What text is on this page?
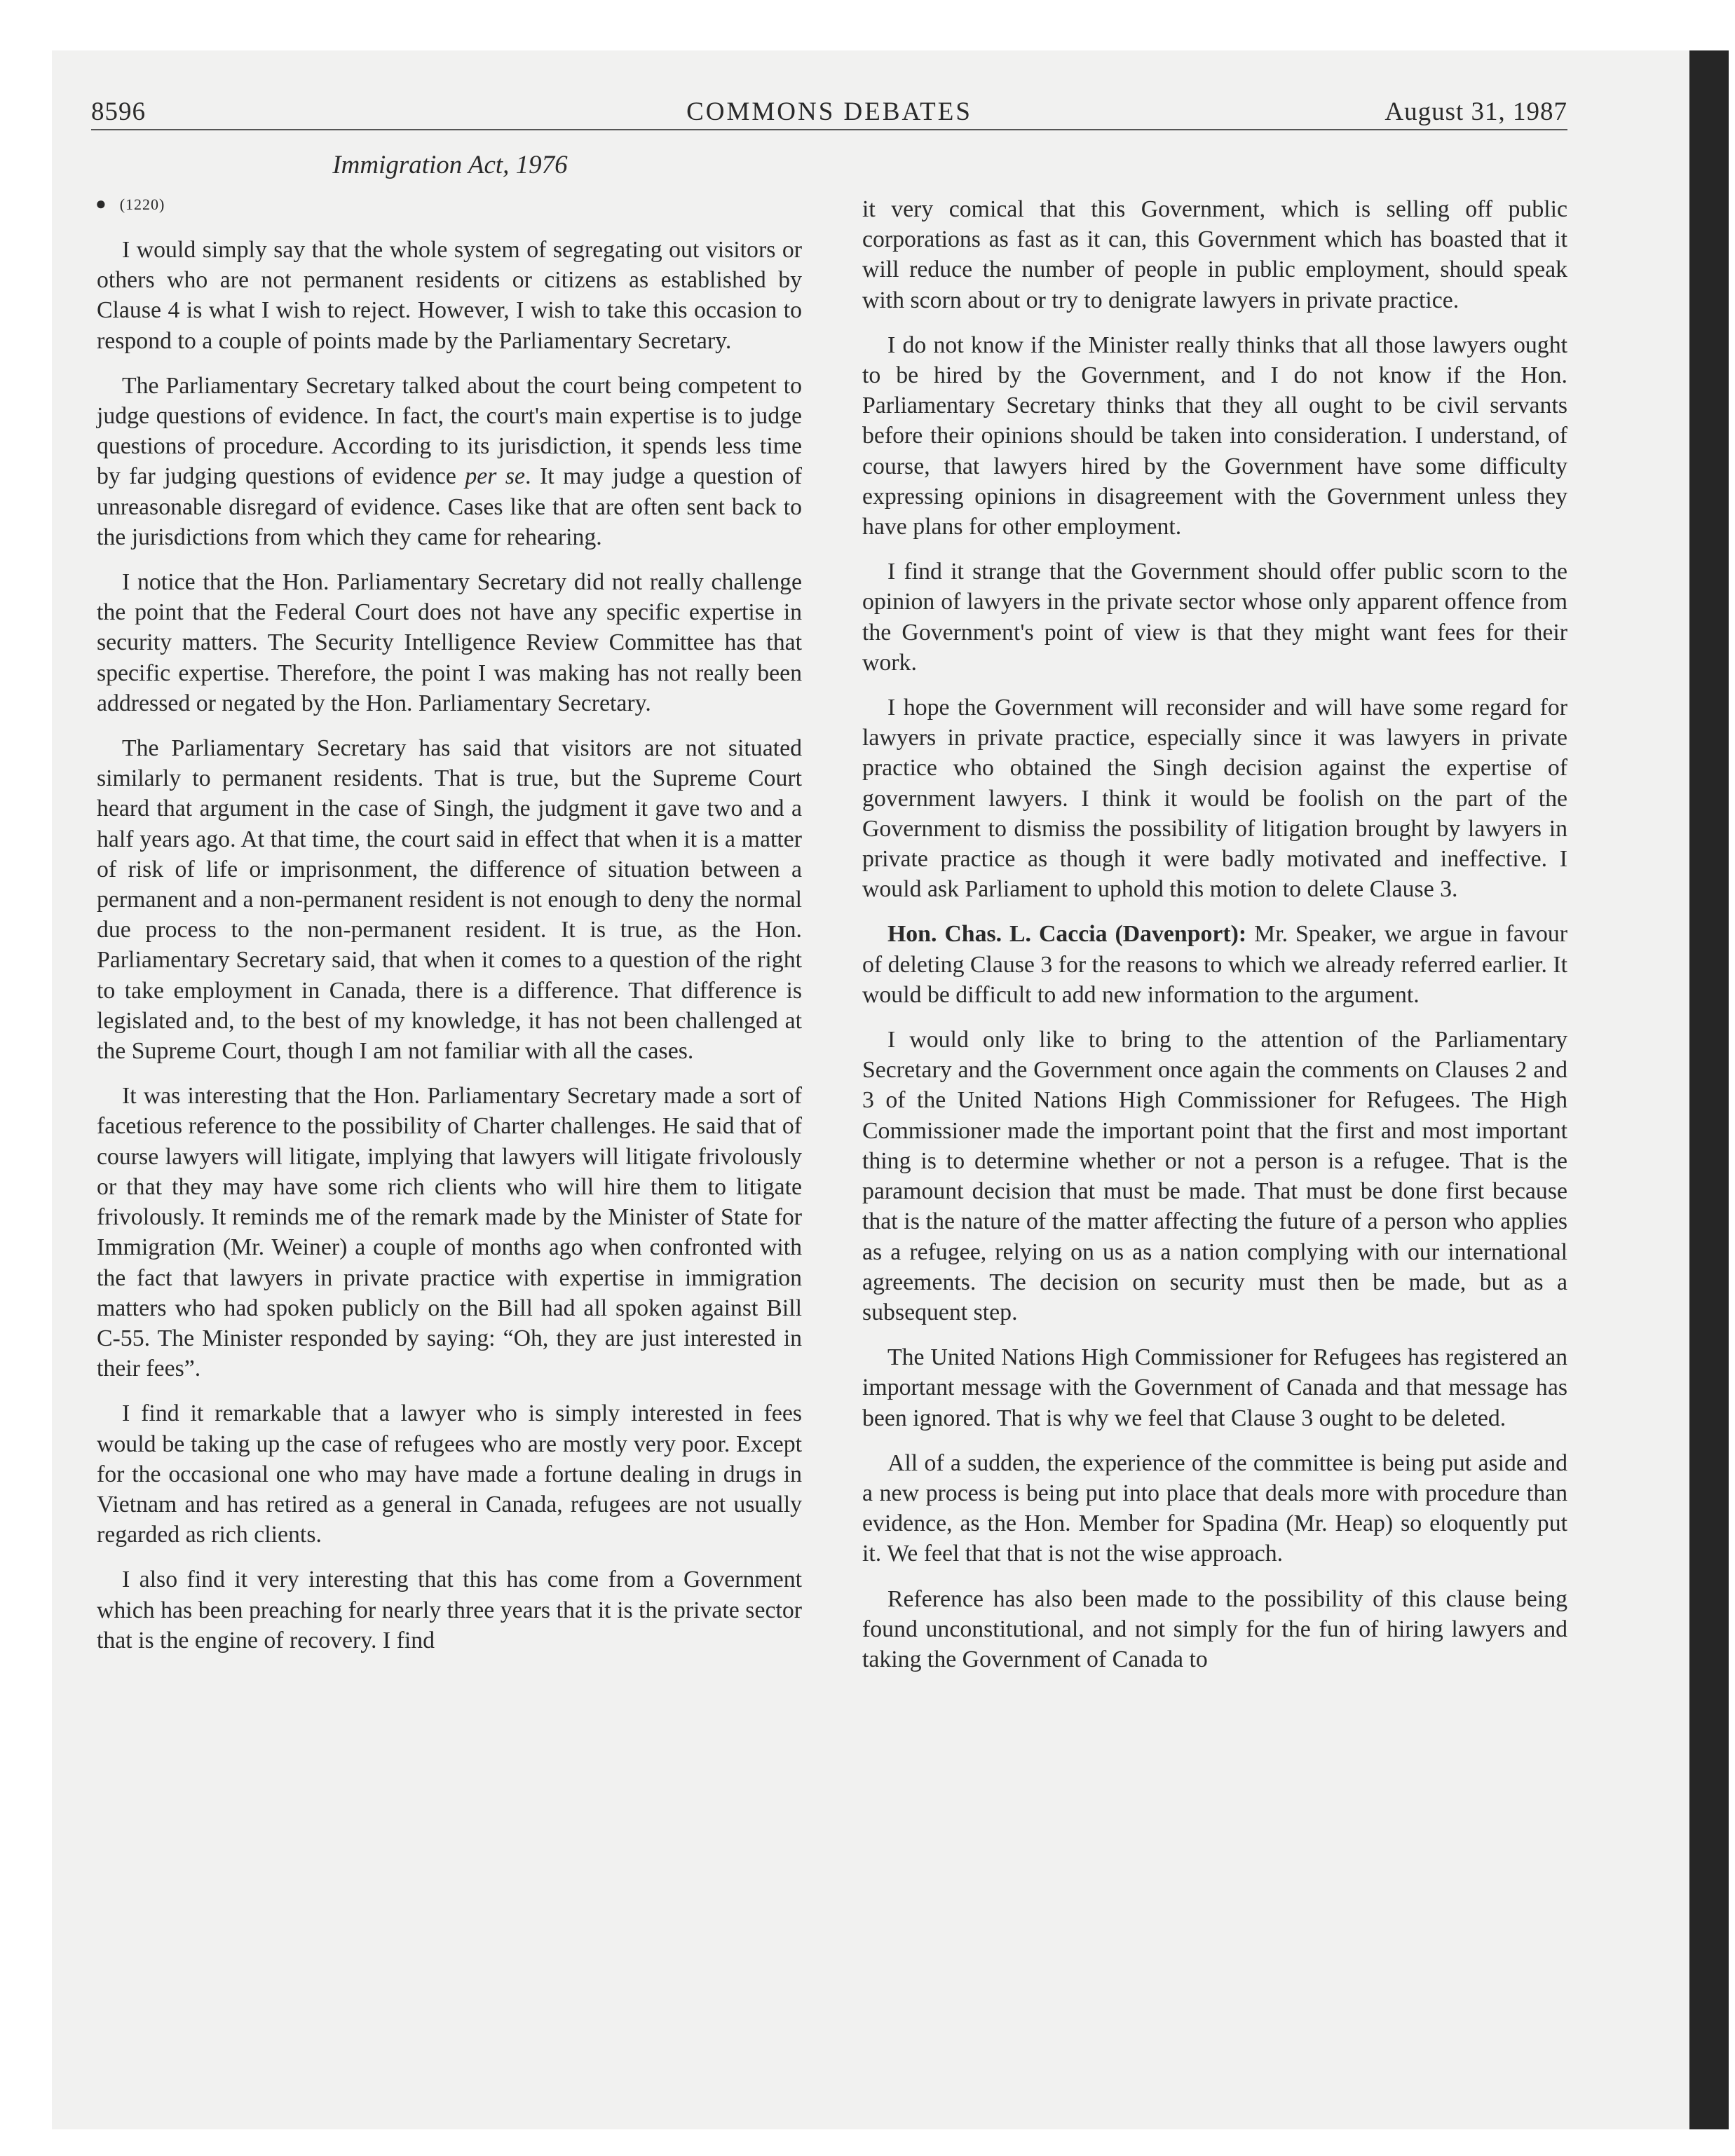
8596	COMMONS DEBATES	August 31, 1987
Immigration Act, 1976
● (1220)

I would simply say that the whole system of segregating out visitors or others who are not permanent residents or citizens as established by Clause 4 is what I wish to reject. However, I wish to take this occasion to respond to a couple of points made by the Parliamentary Secretary.

The Parliamentary Secretary talked about the court being competent to judge questions of evidence. In fact, the court's main expertise is to judge questions of procedure. According to its jurisdiction, it spends less time by far judging questions of evidence per se. It may judge a question of unreasonable disregard of evidence. Cases like that are often sent back to the jurisdictions from which they came for rehearing.

I notice that the Hon. Parliamentary Secretary did not really challenge the point that the Federal Court does not have any specific expertise in security matters. The Security Intelligence Review Committee has that specific expertise. Therefore, the point I was making has not really been addressed or negated by the Hon. Parliamentary Secretary.

The Parliamentary Secretary has said that visitors are not situated similarly to permanent residents. That is true, but the Supreme Court heard that argument in the case of Singh, the judgment it gave two and a half years ago. At that time, the court said in effect that when it is a matter of risk of life or imprisonment, the difference of situation between a permanent and a non-permanent resident is not enough to deny the normal due process to the non-permanent resident. It is true, as the Hon. Parliamentary Secretary said, that when it comes to a question of the right to take employment in Canada, there is a difference. That difference is legislated and, to the best of my knowledge, it has not been challenged at the Supreme Court, though I am not familiar with all the cases.

It was interesting that the Hon. Parliamentary Secretary made a sort of facetious reference to the possibility of Charter challenges. He said that of course lawyers will litigate, implying that lawyers will litigate frivolously or that they may have some rich clients who will hire them to litigate frivolously. It reminds me of the remark made by the Minister of State for Immigration (Mr. Weiner) a couple of months ago when confronted with the fact that lawyers in private practice with expertise in immigration matters who had spoken publicly on the Bill had all spoken against Bill C-55. The Minister responded by saying: “Oh, they are just interested in their fees”.

I find it remarkable that a lawyer who is simply interested in fees would be taking up the case of refugees who are mostly very poor. Except for the occasional one who may have made a fortune dealing in drugs in Vietnam and has retired as a general in Canada, refugees are not usually regarded as rich clients.

I also find it very interesting that this has come from a Government which has been preaching for nearly three years that it is the private sector that is the engine of recovery. I find

it very comical that this Government, which is selling off public corporations as fast as it can, this Government which has boasted that it will reduce the number of people in public employment, should speak with scorn about or try to denigrate lawyers in private practice.

I do not know if the Minister really thinks that all those lawyers ought to be hired by the Government, and I do not know if the Hon. Parliamentary Secretary thinks that they all ought to be civil servants before their opinions should be taken into consideration. I understand, of course, that lawyers hired by the Government have some difficulty expressing opinions in disagreement with the Government unless they have plans for other employment.

I find it strange that the Government should offer public scorn to the opinion of lawyers in the private sector whose only apparent offence from the Government's point of view is that they might want fees for their work.

I hope the Government will reconsider and will have some regard for lawyers in private practice, especially since it was lawyers in private practice who obtained the Singh decision against the expertise of government lawyers. I think it would be foolish on the part of the Government to dismiss the possibility of litigation brought by lawyers in private practice as though it were badly motivated and ineffective. I would ask Parliament to uphold this motion to delete Clause 3.

Hon. Chas. L. Caccia (Davenport): Mr. Speaker, we argue in favour of deleting Clause 3 for the reasons to which we already referred earlier. It would be difficult to add new information to the argument.

I would only like to bring to the attention of the Parliamentary Secretary and the Government once again the comments on Clauses 2 and 3 of the United Nations High Commissioner for Refugees. The High Commissioner made the important point that the first and most important thing is to determine whether or not a person is a refugee. That is the paramount decision that must be made. That must be done first because that is the nature of the matter affecting the future of a person who applies as a refugee, relying on us as a nation complying with our international agreements. The decision on security must then be made, but as a subsequent step.

The United Nations High Commissioner for Refugees has registered an important message with the Government of Canada and that message has been ignored. That is why we feel that Clause 3 ought to be deleted.

All of a sudden, the experience of the committee is being put aside and a new process is being put into place that deals more with procedure than evidence, as the Hon. Member for Spadina (Mr. Heap) so eloquently put it. We feel that that is not the wise approach.

Reference has also been made to the possibility of this clause being found unconstitutional, and not simply for the fun of hiring lawyers and taking the Government of Canada to
